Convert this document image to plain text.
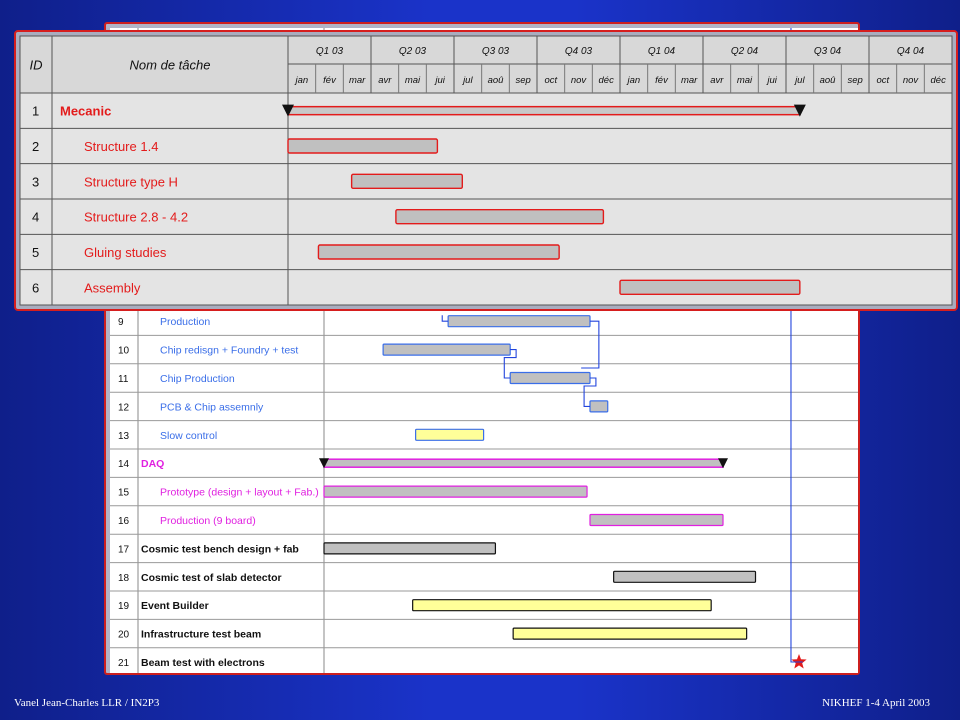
9	Production
10	Chip redisgn + Foundry + test
11	Chip Production
12	PCB & Chip assemnly
13	Slow control
14 DAQ
15	Prototype (design + layout + Fab.)
16	Production (9 board)
17 Cosmic test bench design + fab
18 Cosmic test of slab detector
19 Event Builder
20 Infrastructure test beam
21 Beam test with electrons
ID	Nom de tâche
Q1 03	Q2 03	Q3 03	Q4 03	Q1 04	Q2 04	Q3 04	Q4 04
jan fév mar avr mai jui jul aoû sep oct nov déc jan fév mar avr mai jui jul aoû sep oct nov déc
1 Mecanic
2	Structure 1.4
3	Structure type H
4	Structure 2.8 - 4.2
5	Gluing studies
6	Assembly
Vanel Jean-Charles LLR / IN2P3	NIKHEF 1-4 April 2003
